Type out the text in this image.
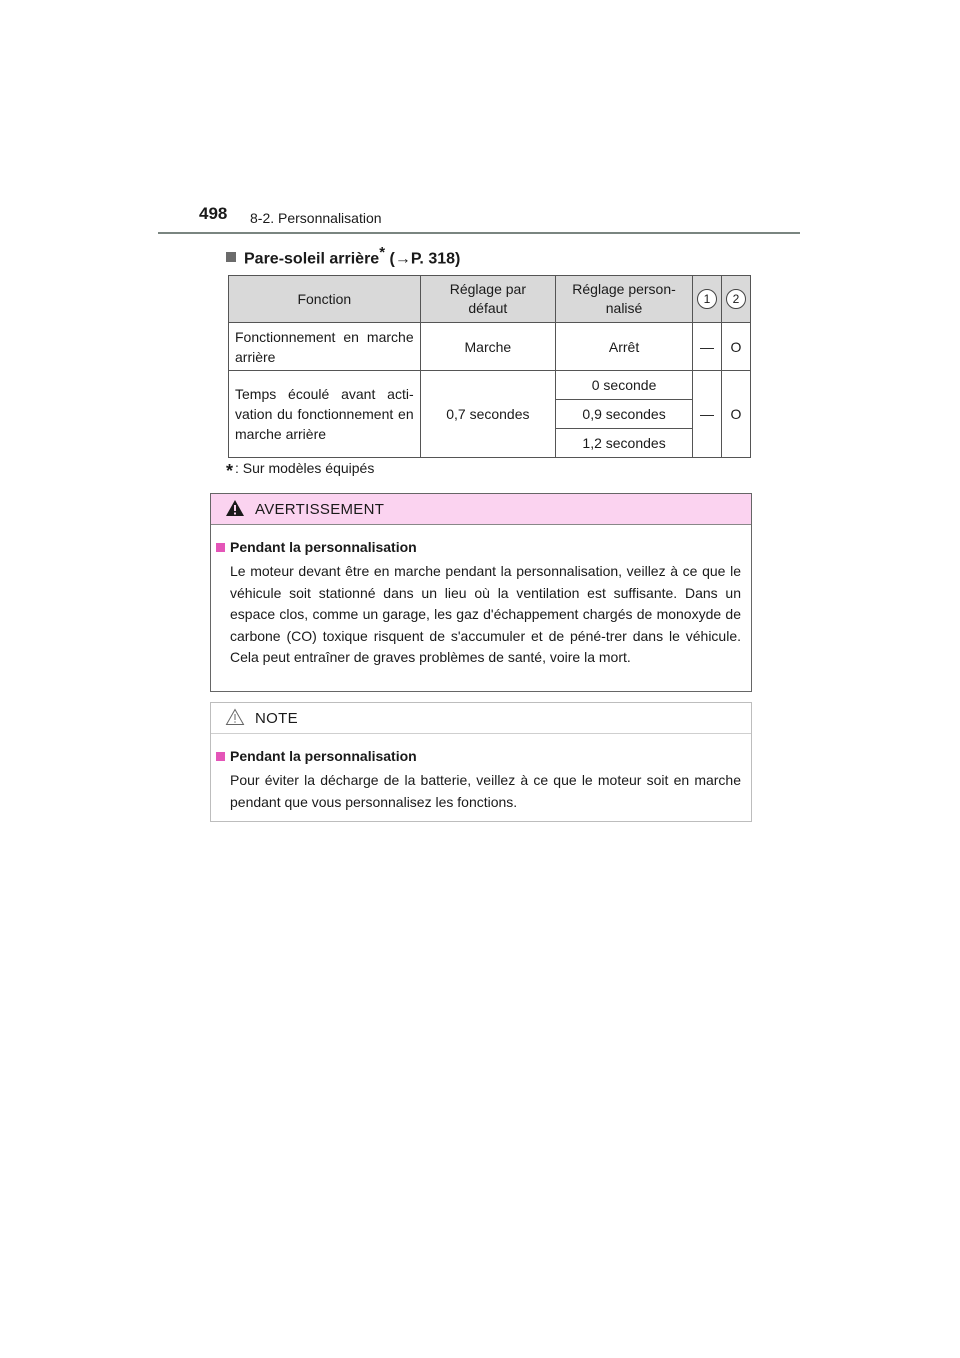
498 8-2. Personnalisation
Pare-soleil arrière* (→P. 318)
Fonction	Réglage par défaut	Réglage person-nalisé	1	2
Fonctionnement en marche arrière	Marche	Arrêt	—	O
Temps écoulé avant acti-vation du fonctionnement en marche arrière	0,7 secondes	0 seconde	—	O
		0,9 secondes		
		1,2 secondes		
* : Sur modèles équipés
AVERTISSEMENT
Pendant la personnalisation
Le moteur devant être en marche pendant la personnalisation, veillez à ce que le véhicule soit stationné dans un lieu où la ventilation est suffisante. Dans un espace clos, comme un garage, les gaz d'échappement chargés de monoxyde de carbone (CO) toxique risquent de s'accumuler et de péné-trer dans le véhicule. Cela peut entraîner de graves problèmes de santé, voire la mort.
NOTE
Pendant la personnalisation
Pour éviter la décharge de la batterie, veillez à ce que le moteur soit en marche pendant que vous personnalisez les fonctions.
